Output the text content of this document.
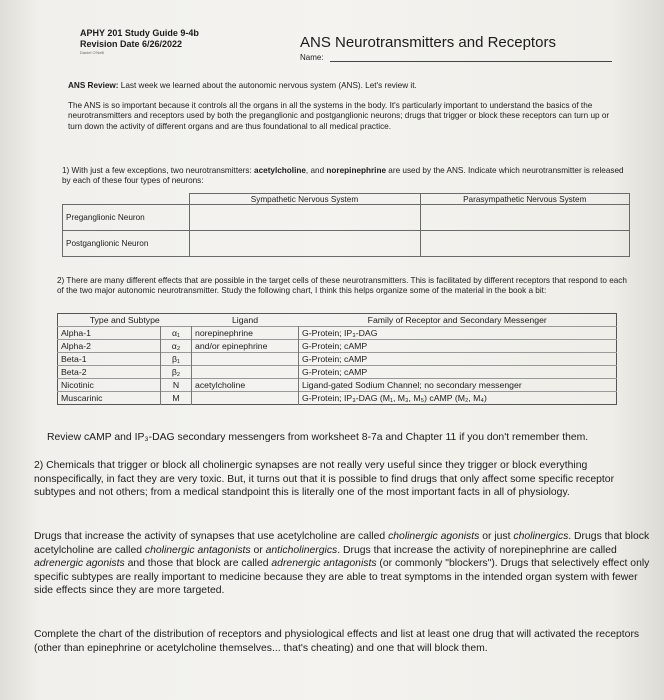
APHY 201 Study Guide 9-4b
Revision Date 6/26/2022
Daniel O'Neill
ANS Neurotransmitters and Receptors
Name:
ANS Review: Last week we learned about the autonomic nervous system (ANS). Let's review it.
The ANS is so important because it controls all the organs in all the systems in the body. It's particularly important to understand the basics of the neurotransmitters and receptors used by both the preganglionic and postganglionic neurons; drugs that trigger or block these receptors can turn up or turn down the activity of different organs and are thus foundational to all medical practice.
1) With just a few exceptions, two neurotransmitters: acetylcholine, and norepinephrine are used by the ANS. Indicate which neurotransmitter is released by each of these four types of neurons:
	Sympathetic Nervous System	Parasympathetic Nervous System
Preganglionic Neuron		
Postganglionic Neuron		
2) There are many different effects that are possible in the target cells of these neurotransmitters. This is facilitated by different receptors that respond to each of the two major autonomic neurotransmitter. Study the following chart, I think this helps organize some of the material in the book a bit:
Type and Subtype		Ligand	Family of Receptor and Secondary Messenger
Alpha-1	α₁	norepinephrine	G-Protein; IP₃-DAG
Alpha-2	α₂	and/or epinephrine	G-Protein; cAMP
Beta-1	β₁		G-Protein; cAMP
Beta-2	β₂		G-Protein; cAMP
Nicotinic	N	acetylcholine	Ligand-gated Sodium Channel; no secondary messenger
Muscarinic	M		G-Protein; IP₃-DAG (M₁, M₃, M₅) cAMP (M₂, M₄)
Review cAMP and IP₃-DAG secondary messengers from worksheet 8-7a and Chapter 11 if you don't remember them.
2) Chemicals that trigger or block all cholinergic synapses are not really very useful since they trigger or block everything nonspecifically, in fact they are very toxic. But, it turns out that it is possible to find drugs that only affect some specific receptor subtypes and not others; from a medical standpoint this is literally one of the most important facts in all of physiology.
Drugs that increase the activity of synapses that use acetylcholine are called cholinergic agonists or just cholinergics. Drugs that block acetylcholine are called cholinergic antagonists or anticholinergics. Drugs that increase the activity of norepinephrine are called adrenergic agonists and those that block are called adrenergic antagonists (or commonly "blockers"). Drugs that selectively effect only specific subtypes are really important to medicine because they are able to treat symptoms in the intended organ system with fewer side effects since they are more targeted.
Complete the chart of the distribution of receptors and physiological effects and list at least one drug that will activated the receptors (other than epinephrine or acetylcholine themselves... that's cheating) and one that will block them.
